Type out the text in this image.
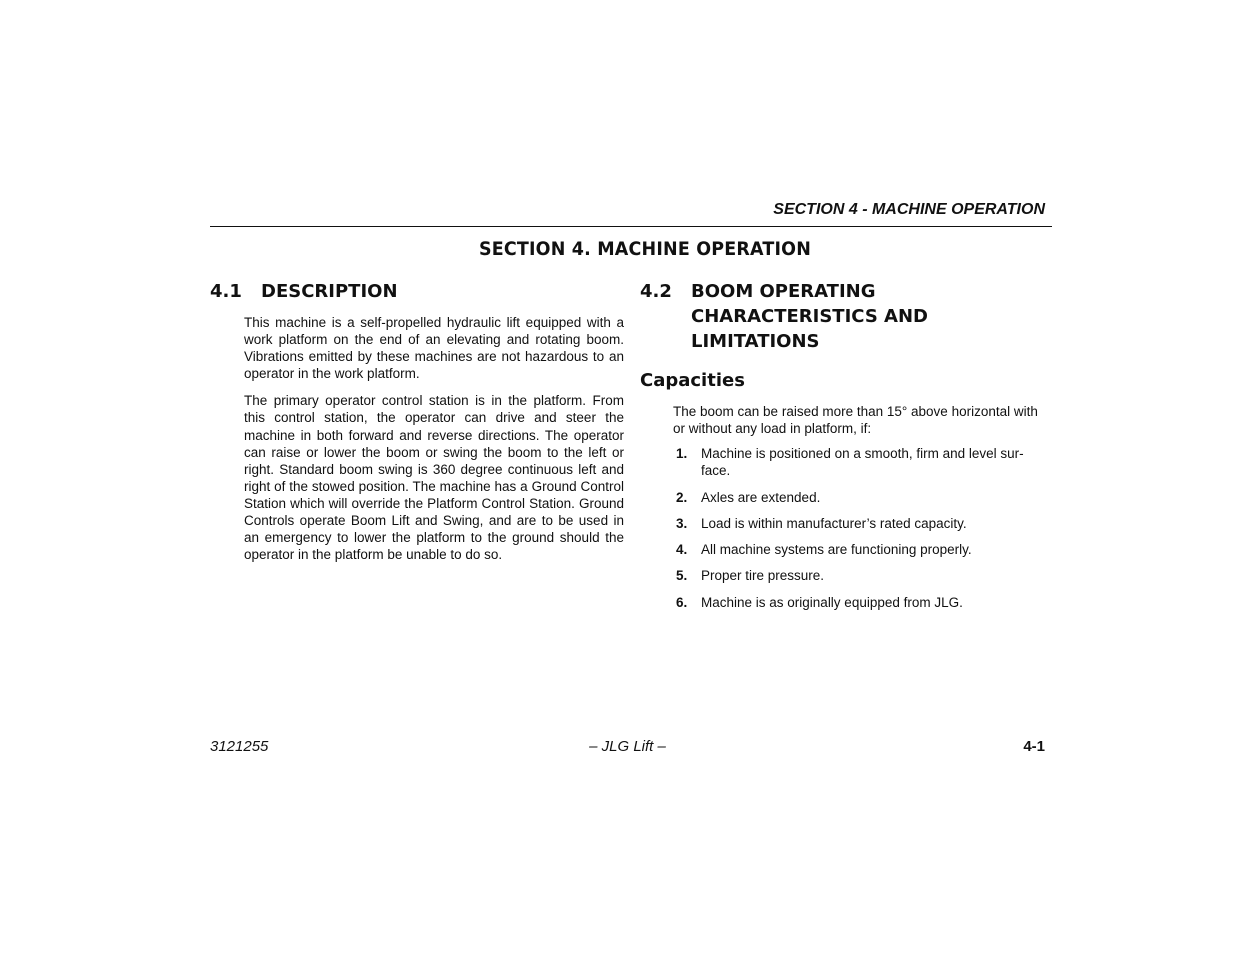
SECTION 4 - MACHINE OPERATION
SECTION 4. MACHINE OPERATION
4.1	DESCRIPTION
This machine is a self-propelled hydraulic lift equipped with a work platform on the end of an elevating and rotating boom. Vibrations emitted by these machines are not hazardous to an operator in the work platform.
The primary operator control station is in the platform. From this control station, the operator can drive and steer the machine in both forward and reverse directions. The operator can raise or lower the boom or swing the boom to the left or right. Standard boom swing is 360 degree continuous left and right of the stowed position. The machine has a Ground Control Station which will override the Platform Control Station. Ground Controls operate Boom Lift and Swing, and are to be used in an emergency to lower the platform to the ground should the operator in the platform be unable to do so.
4.2	BOOM OPERATING CHARACTERISTICS AND LIMITATIONS
Capacities
The boom can be raised more than 15° above horizontal with or without any load in platform, if:
1.	Machine is positioned on a smooth, firm and level surface.
2.	Axles are extended.
3.	Load is within manufacturer’s rated capacity.
4.	All machine systems are functioning properly.
5.	Proper tire pressure.
6.	Machine is as originally equipped from JLG.
3121255	– JLG Lift –	4-1
